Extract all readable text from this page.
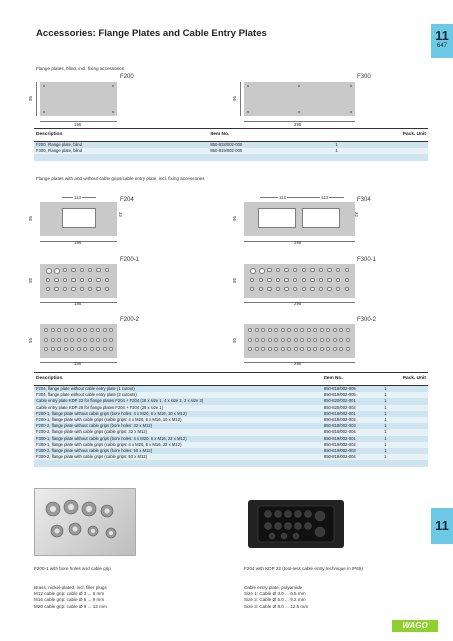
Accessories: Flange Plates and Cable Entry Plates	11
647
Flange plates, blind, incl. fixing accessories
F200
195
95
F300
295
95
Description	Item No.	Pack. Unit
F200, Flange plate, blind	850-818/002-000	1
F300, Flange plate, blind	850-819/002-000	1

Flange plates with and without cable grips/cable entry plate, incl. fixing accessories
F204
113
32
195
95
F304
113	113
32
295
95
F200-1
195
95
F300-1
295
95
F200-2
195
95
F300-2
295
95
Description	Item No.	Pack. Unit
F204, flange plate without cable entry plate (1 cutout)	850-818/002-005	1
F304, flange plate without cable entry plate (2 cutouts)	850-819/002-005	1
Cable entry plate KDP 22 for flange plates F204 + F304 (16 x size 1, 4 x size 2, 2 x size 3)	850-820/002-001	1
Cable entry plate KDP 29 for flange plates F204 + F304 (29 x size 1)	850-820/002-002	1
F200-1, flange plate without cable grips (bore holes: 4 x M20, 6 x M16, 10 x M12)	850-818/002-001	1
F200-1, flange plate with cable grips (cable grips: 4 x M20, 6 x M16, 10 x M12)	850-818/002-002	1
F200-2, flange plate without cable grips (bore holes: 32 x M12)	850-818/002-003	1
F200-2, flange plate with cable grips (cable grips: 32 x M12)	850-818/002-004	1
F300-1, flange plate without cable grips (bore holes: 4 x M20, 6 x M16, 22 x M12)	850-819/002-001	1
F300-1, flange plate with cable grips (cable grips: 4 x M20, 6 x M16, 22 x M12)	850-819/002-002	1
F300-2, flange plate without cable grips (bore holes: 50 x M12)	850-819/002-003	1
F300-2, flange plate with cable grips (cable grips: 50 x M12)	850-819/002-004	1

11
F200-1 with bore holes and cable grip	F204 with KDP 22 (tool-less cable entry technique in IP65)
Brass, nickel-plated, incl. filler plugs
M12 cable grip: cable Ø 3 ... 6 mm
M16 cable grip: cable Ø 5 ... 9 mm
M20 cable grip: cable Ø 9 ... 13 mm
Cable entry plate, polyamide
Size 1: Cable Ø 3.0 ... 6.5 mm
Size 2: Cable Ø 5.0 ... 9.2 mm
Size 3: Cable Ø 8.0 ... 12.5 mm
WAGO
